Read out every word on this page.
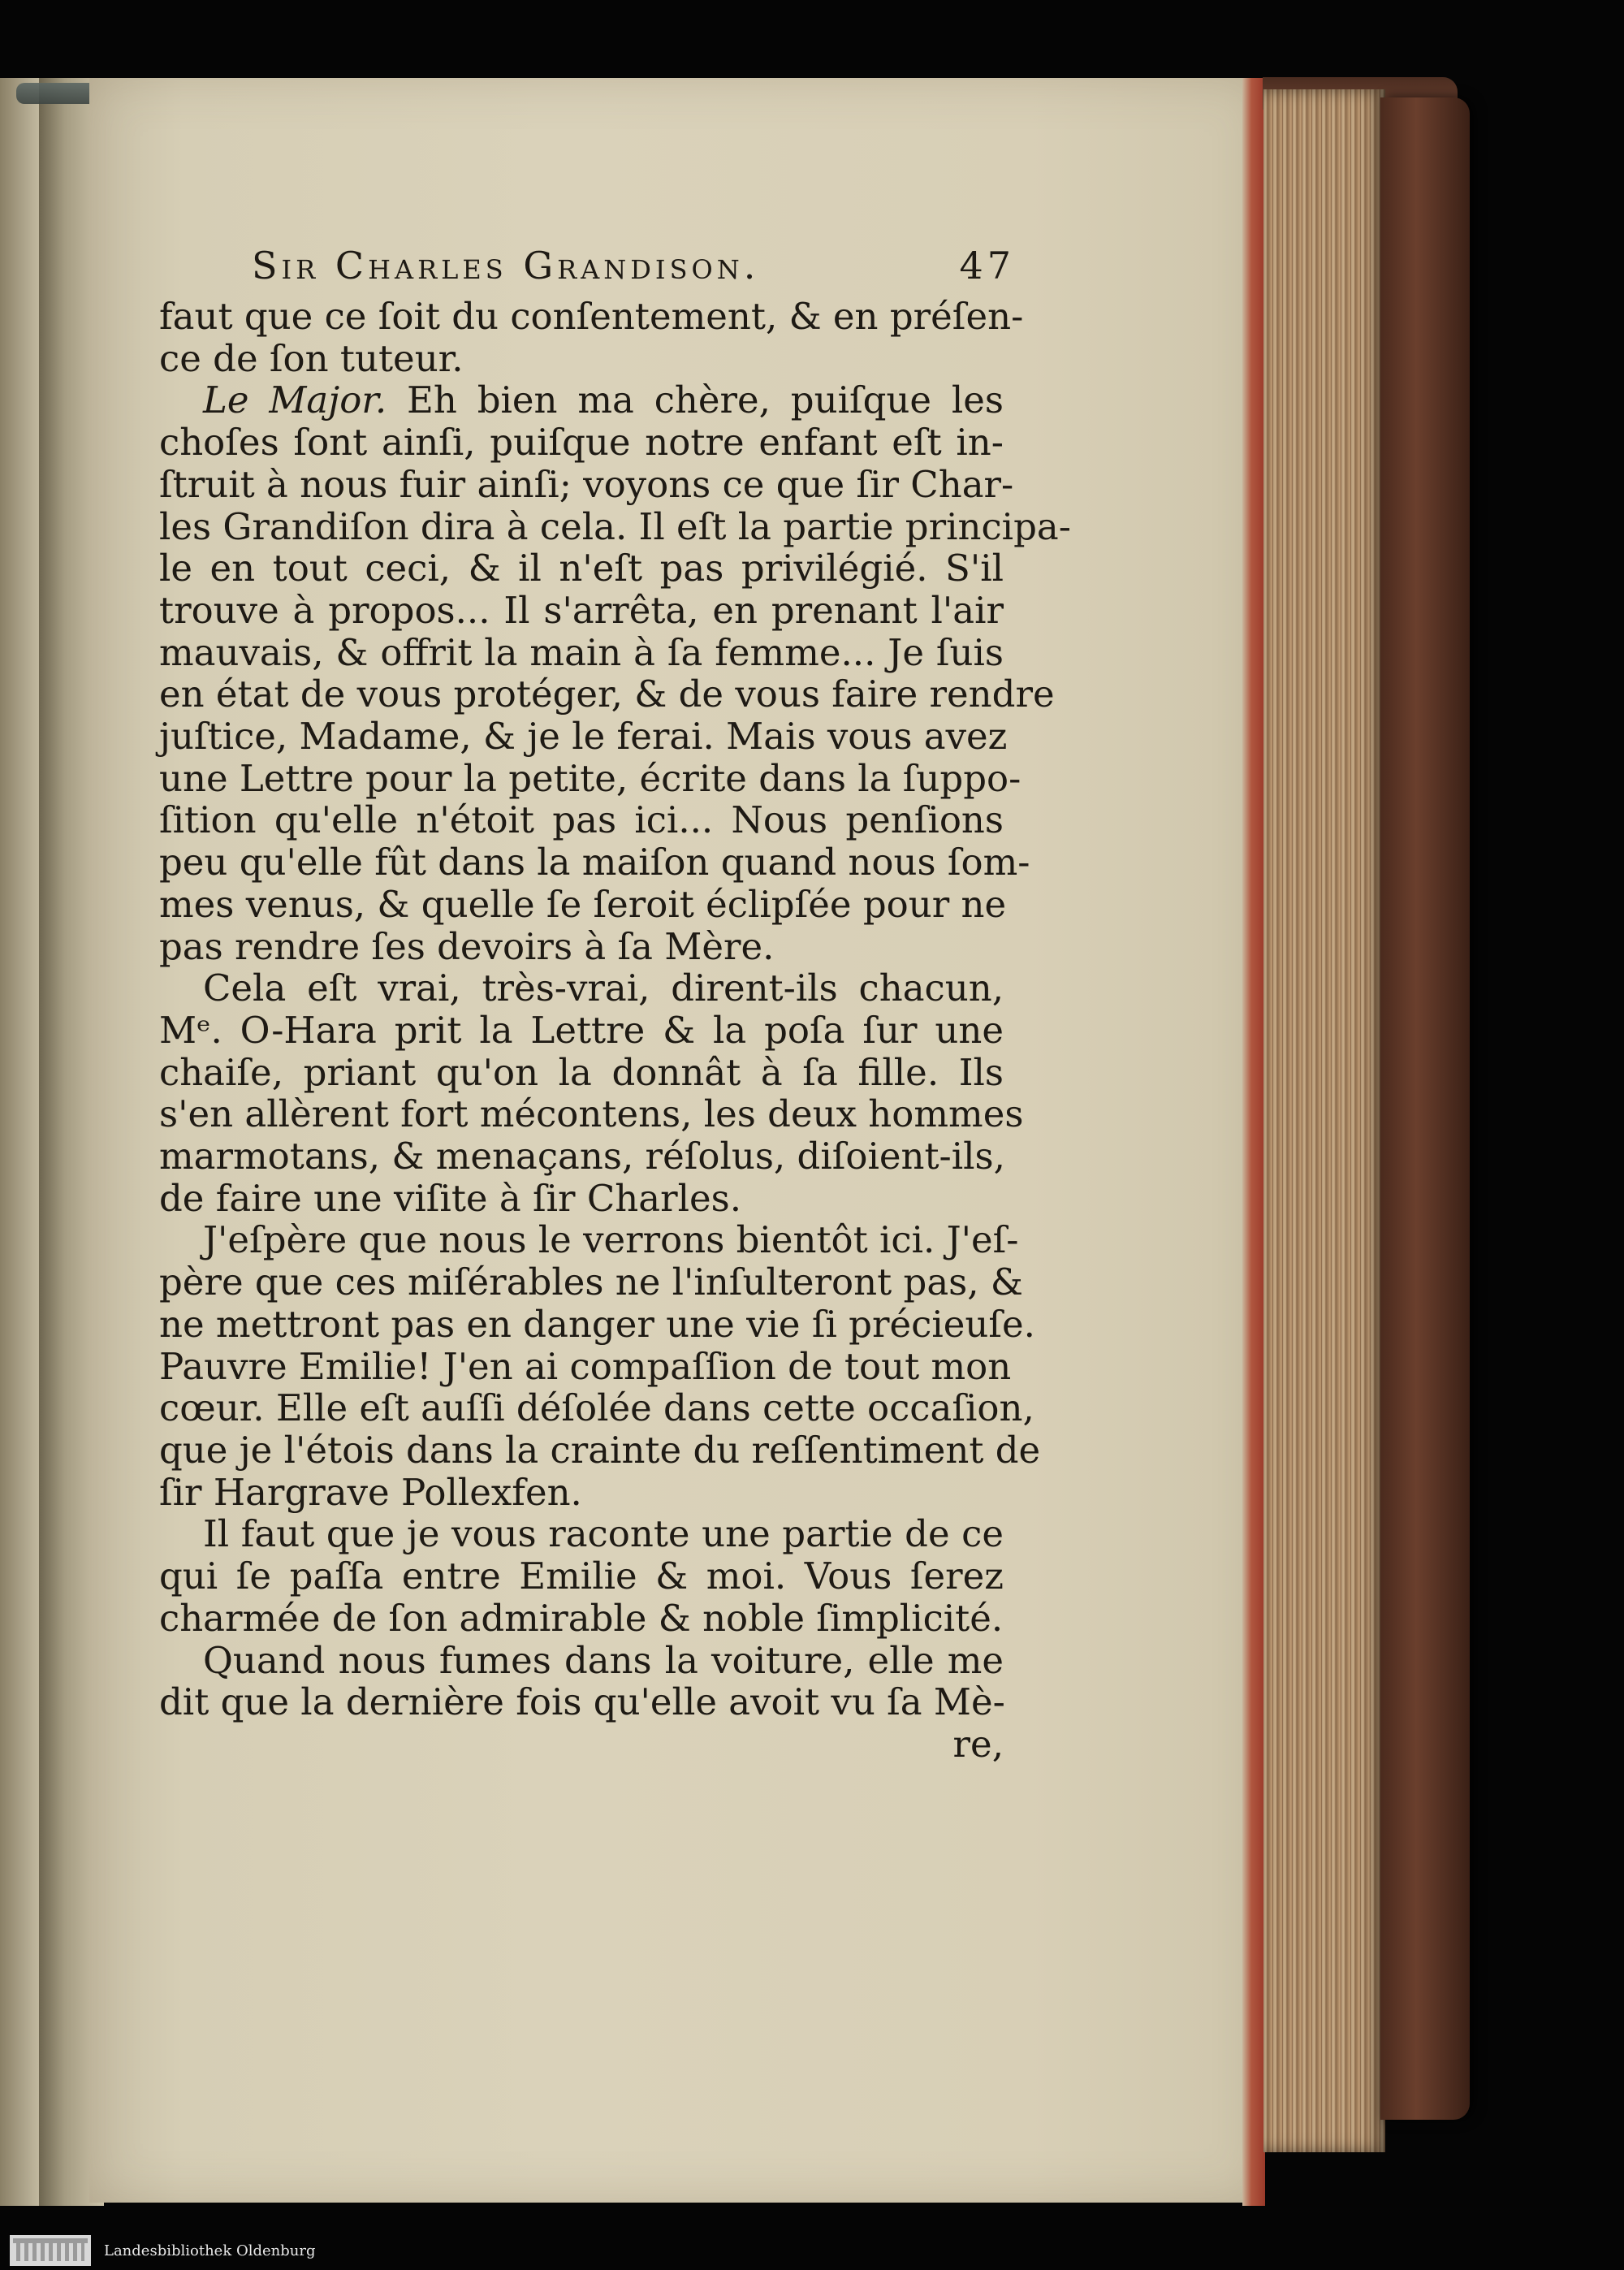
Sir Charles Grandison.	47

faut que ce ſoit du conſentement, & en préſen-

ce de ſon tuteur.

Le Major. Eh bien ma chère, puiſque les

choſes ſont ainſi, puiſque notre enfant eſt in-

ſtruit à nous fuir ainſi; voyons ce que ſir Char-

les Grandiſon dira à cela. Il eſt la partie principa-

le en tout ceci, & il n'eſt pas privilégié. S'il

trouve à propos... Il s'arrêta, en prenant l'air

mauvais, & offrit la main à ſa femme... Je ſuis

en état de vous protéger, & de vous faire rendre

juſtice, Madame, & je le ferai. Mais vous avez

une Lettre pour la petite, écrite dans la ſuppo-

ſition qu'elle n'étoit pas ici... Nous penſions

peu qu'elle fût dans la maiſon quand nous ſom-

mes venus, & quelle ſe ſeroit éclipſée pour ne

pas rendre ſes devoirs à ſa Mère.

Cela eſt vrai, très-vrai, dirent-ils chacun,

Mᵉ. O-Hara prit la Lettre & la poſa ſur une

chaiſe, priant qu'on la donnât à ſa fille. Ils

s'en allèrent fort mécontens, les deux hommes

marmotans, & menaçans, réſolus, diſoient-ils,

de faire une viſite à ſir Charles.

J'eſpère que nous le verrons bientôt ici. J'eſ-

père que ces miſérables ne l'inſulteront pas, &

ne mettront pas en danger une vie ſi précieuſe.

Pauvre Emilie! J'en ai compaſſion de tout mon

cœur. Elle eſt auſſi déſolée dans cette occaſion,

que je l'étois dans la crainte du reſſentiment de

ſir Hargrave Pollexfen.

Il faut que je vous raconte une partie de ce

qui ſe paſſa entre Emilie & moi. Vous ſerez

charmée de ſon admirable & noble ſimplicité.

Quand nous fumes dans la voiture, elle me

dit que la dernière fois qu'elle avoit vu ſa Mè-

re,

Landesbibliothek Oldenburg
